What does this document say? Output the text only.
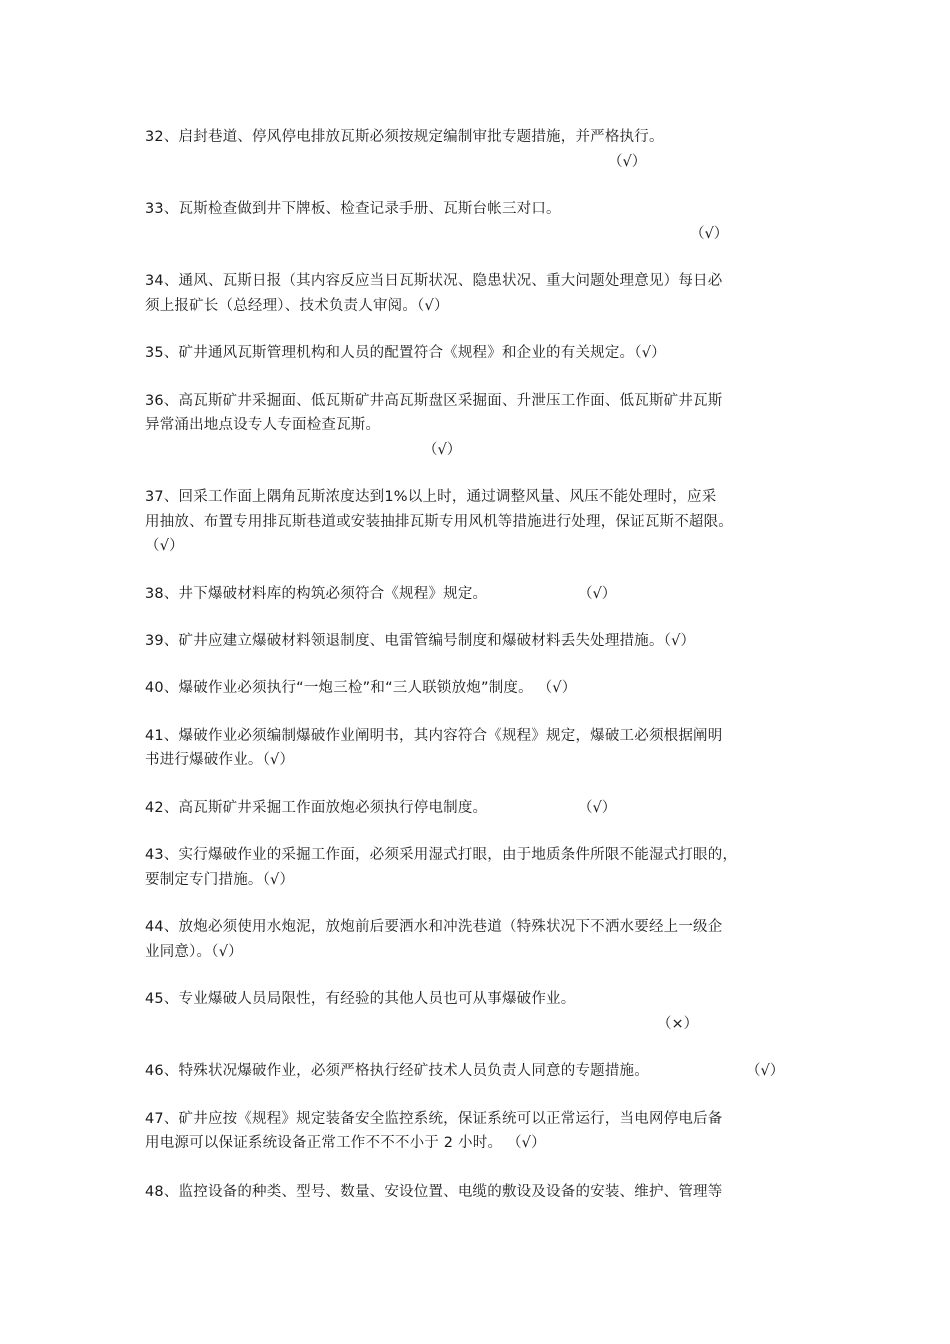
32、启封巷道、停风停电排放瓦斯必须按规定编制审批专题措施，并严格执行。
（√）
33、瓦斯检查做到井下牌板、检查记录手册、瓦斯台帐三对口。
（√）
34、通风、瓦斯日报（其内容反应当日瓦斯状况、隐患状况、重大问题处理意见）每日必
须上报矿长（总经理）、技术负责人审阅。（√）
35、矿井通风瓦斯管理机构和人员的配置符合《规程》和企业的有关规定。（√）
36、高瓦斯矿井采掘面、低瓦斯矿井高瓦斯盘区采掘面、升泄压工作面、低瓦斯矿井瓦斯
异常涌出地点设专人专面检查瓦斯。
（√）
37、回采工作面上隅角瓦斯浓度达到1%以上时，通过调整风量、风压不能处理时，应采
用抽放、布置专用排瓦斯巷道或安装抽排瓦斯专用风机等措施进行处理，保证瓦斯不超限。
（√）
38、井下爆破材料库的构筑必须符合《规程》规定。	（√）
39、矿井应建立爆破材料领退制度、电雷管编号制度和爆破材料丢失处理措施。（√）
40、爆破作业必须执行“一炮三检”和“三人联锁放炮”制度。 （√）
41、爆破作业必须编制爆破作业阐明书，其内容符合《规程》规定，爆破工必须根据阐明
书进行爆破作业。（√）
42、高瓦斯矿井采掘工作面放炮必须执行停电制度。	（√）
43、实行爆破作业的采掘工作面，必须采用湿式打眼，由于地质条件所限不能湿式打眼的，
要制定专门措施。（√）
44、放炮必须使用水炮泥，放炮前后要洒水和冲洗巷道（特殊状况下不洒水要经上一级企
业同意）。（√）
45、专业爆破人员局限性，有经验的其他人员也可从事爆破作业。
（×）
46、特殊状况爆破作业，必须严格执行经矿技术人员负责人同意的专题措施。	（√）
47、矿井应按《规程》规定装备安全监控系统，保证系统可以正常运行，当电网停电后备
用电源可以保证系统设备正常工作不不不小于 2 小时。 （√）
48、监控设备的种类、型号、数量、安设位置、电缆的敷设及设备的安装、维护、管理等
